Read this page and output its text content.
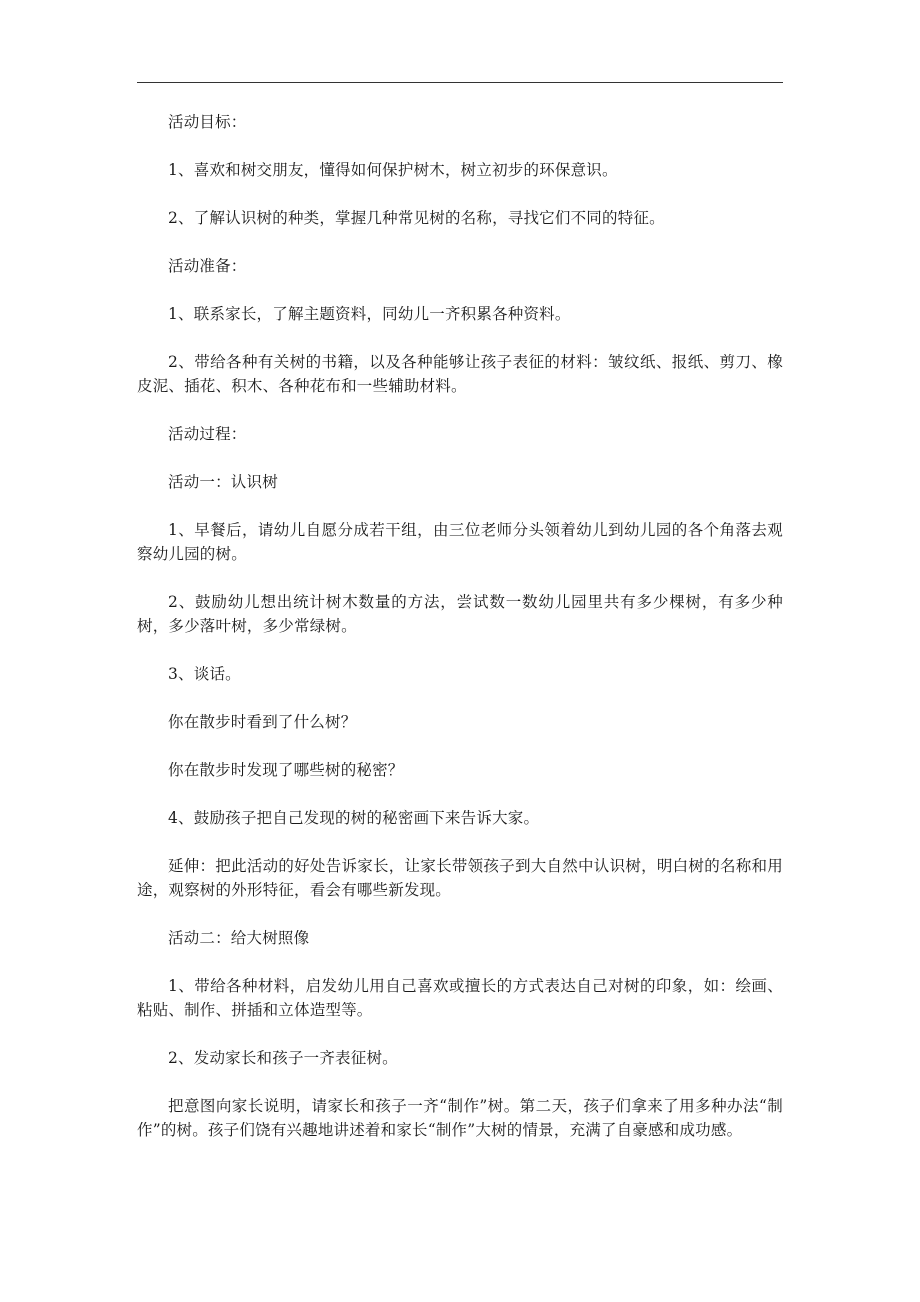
活动目标：

1、喜欢和树交朋友，懂得如何保护树木，树立初步的环保意识。

2、了解认识树的种类，掌握几种常见树的名称，寻找它们不同的特征。

活动准备：

1、联系家长，了解主题资料，同幼儿一齐积累各种资料。

2、带给各种有关树的书籍，以及各种能够让孩子表征的材料：皱纹纸、报纸、剪刀、橡皮泥、插花、积木、各种花布和一些辅助材料。

活动过程：

活动一：认识树

1、早餐后，请幼儿自愿分成若干组，由三位老师分头领着幼儿到幼儿园的各个角落去观察幼儿园的树。

2、鼓励幼儿想出统计树木数量的方法，尝试数一数幼儿园里共有多少棵树，有多少种树，多少落叶树，多少常绿树。

3、谈话。

你在散步时看到了什么树？

你在散步时发现了哪些树的秘密？

4、鼓励孩子把自己发现的树的秘密画下来告诉大家。

延伸：把此活动的好处告诉家长，让家长带领孩子到大自然中认识树，明白树的名称和用途，观察树的外形特征，看会有哪些新发现。

活动二：给大树照像

1、带给各种材料，启发幼儿用自己喜欢或擅长的方式表达自己对树的印象，如：绘画、粘贴、制作、拼插和立体造型等。

2、发动家长和孩子一齐表征树。

把意图向家长说明，请家长和孩子一齐“制作”树。第二天，孩子们拿来了用多种办法“制作”的树。孩子们饶有兴趣地讲述着和家长“制作”大树的情景，充满了自豪感和成功感。
